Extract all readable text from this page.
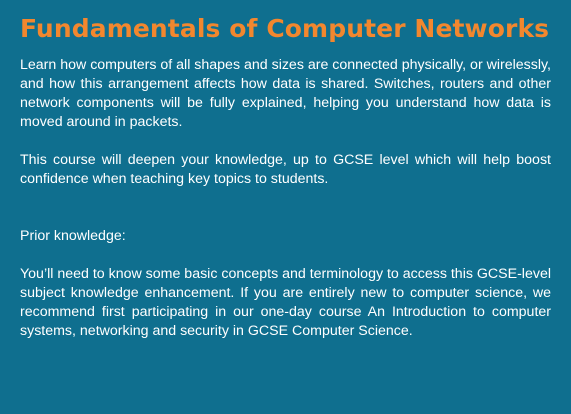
Fundamentals of Computer Networks

Learn how computers of all shapes and sizes are connected physically, or wirelessly, and how this arrangement affects how data is shared. Switches, routers and other network components will be fully explained, helping you understand how data is moved around in packets.

This course will deepen your knowledge, up to GCSE level which will help boost confidence when teaching key topics to students.

Prior knowledge:

You’ll need to know some basic concepts and terminology to access this GCSE-level subject knowledge enhancement. If you are entirely new to computer science, we recommend first participating in our one-day course An Introduction to computer systems, networking and security in GCSE Computer Science.
